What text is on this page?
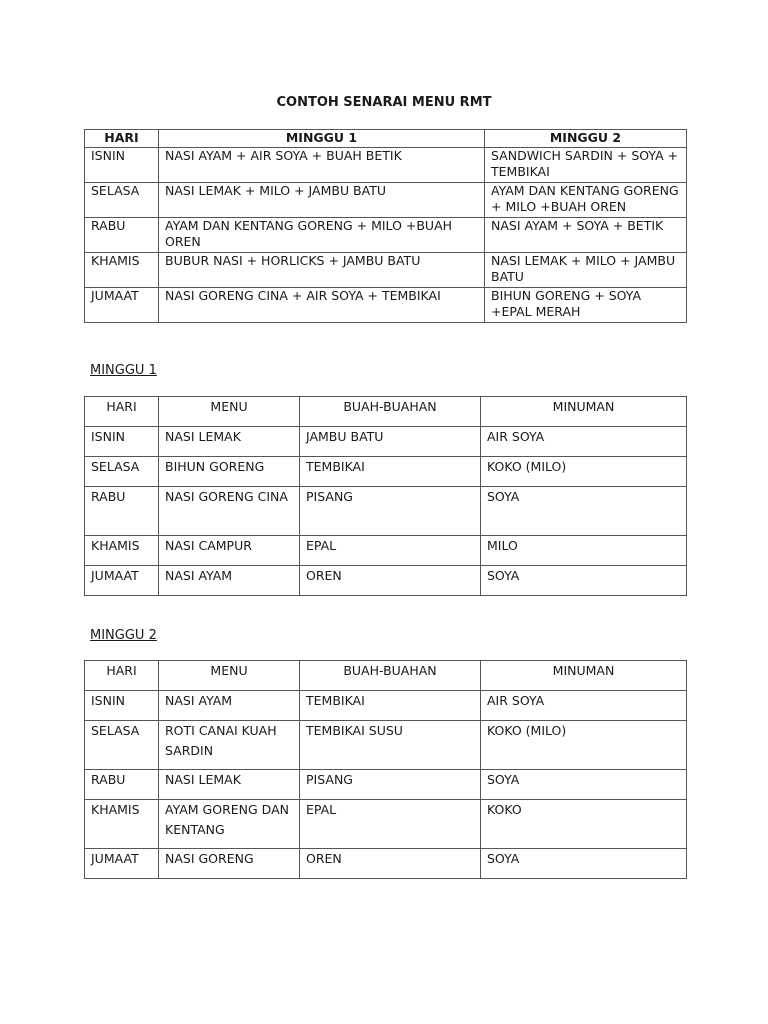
CONTOH SENARAI MENU RMT
HARI	MINGGU 1	MINGGU 2
ISNIN	NASI AYAM + AIR SOYA + BUAH BETIK	SANDWICH SARDIN + SOYA + TEMBIKAI
SELASA	NASI LEMAK + MILO + JAMBU BATU	AYAM DAN KENTANG GORENG + MILO +BUAH OREN
RABU	AYAM DAN KENTANG GORENG + MILO +BUAH OREN	NASI AYAM + SOYA + BETIK
KHAMIS	BUBUR NASI + HORLICKS + JAMBU BATU	NASI LEMAK + MILO + JAMBU BATU
JUMAAT	NASI GORENG CINA + AIR SOYA + TEMBIKAI	BIHUN GORENG + SOYA +EPAL MERAH
MINGGU 1
HARI	MENU	BUAH-BUAHAN	MINUMAN
ISNIN	NASI LEMAK	JAMBU BATU	AIR SOYA
SELASA	BIHUN GORENG	TEMBIKAI	KOKO (MILO)
RABU	NASI GORENG CINA	PISANG	SOYA
KHAMIS	NASI CAMPUR	EPAL	MILO
JUMAAT	NASI AYAM	OREN	SOYA
MINGGU 2
HARI	MENU	BUAH-BUAHAN	MINUMAN
ISNIN	NASI AYAM	TEMBIKAI	AIR SOYA
SELASA	ROTI CANAI KUAH SARDIN	TEMBIKAI SUSU	KOKO (MILO)
RABU	NASI LEMAK	PISANG	SOYA
KHAMIS	AYAM GORENG DAN KENTANG	EPAL	KOKO
JUMAAT	NASI GORENG	OREN	SOYA
